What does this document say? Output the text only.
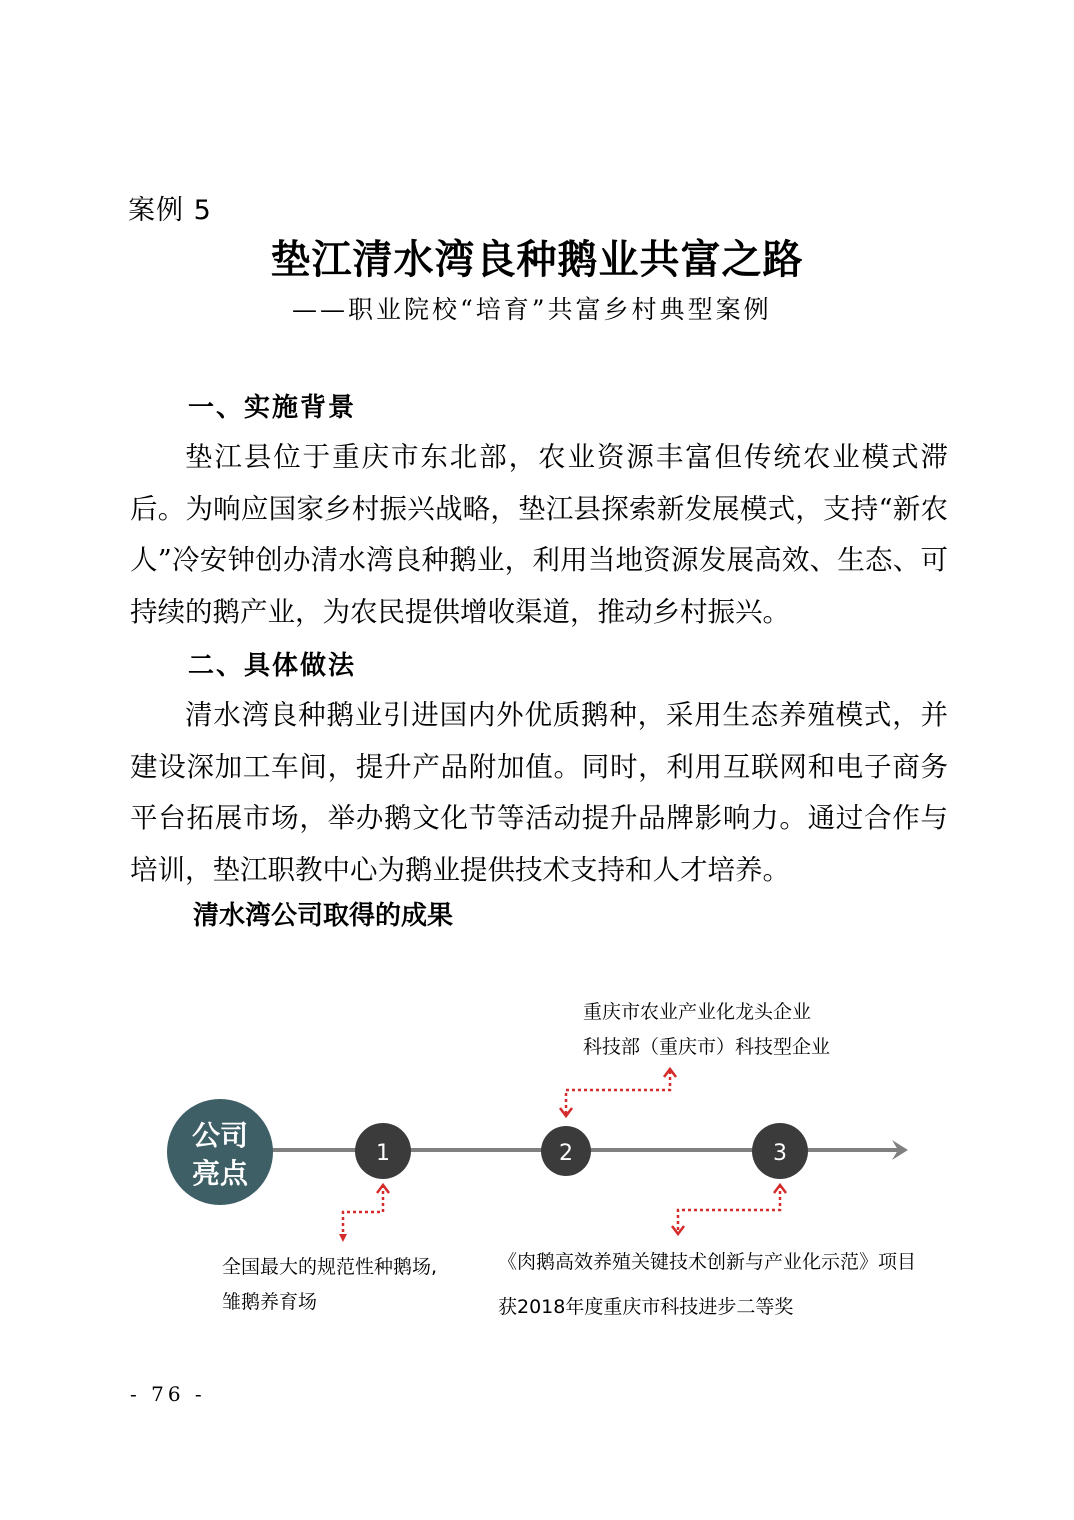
案例 5
垫江清水湾良种鹅业共富之路
——职业院校“培育”共富乡村典型案例
一、实施背景
垫江县位于重庆市东北部，农业资源丰富但传统农业模式滞后。为响应国家乡村振兴战略，垫江县探索新发展模式，支持“新农人”冷安钟创办清水湾良种鹅业，利用当地资源发展高效、生态、可持续的鹅产业，为农民提供增收渠道，推动乡村振兴。
二、具体做法
清水湾良种鹅业引进国内外优质鹅种，采用生态养殖模式，并建设深加工车间，提升产品附加值。同时，利用互联网和电子商务平台拓展市场，举办鹅文化节等活动提升品牌影响力。通过合作与培训，垫江职教中心为鹅业提供技术支持和人才培养。
清水湾公司取得的成果
公司
亮点
1	2	3
重庆市农业产业化龙头企业
科技部（重庆市）科技型企业
全国最大的规范性种鹅场,
雏鹅养育场
《肉鹅高效养殖关键技术创新与产业化示范》项目
获2018年度重庆市科技进步二等奖
- 76 -
